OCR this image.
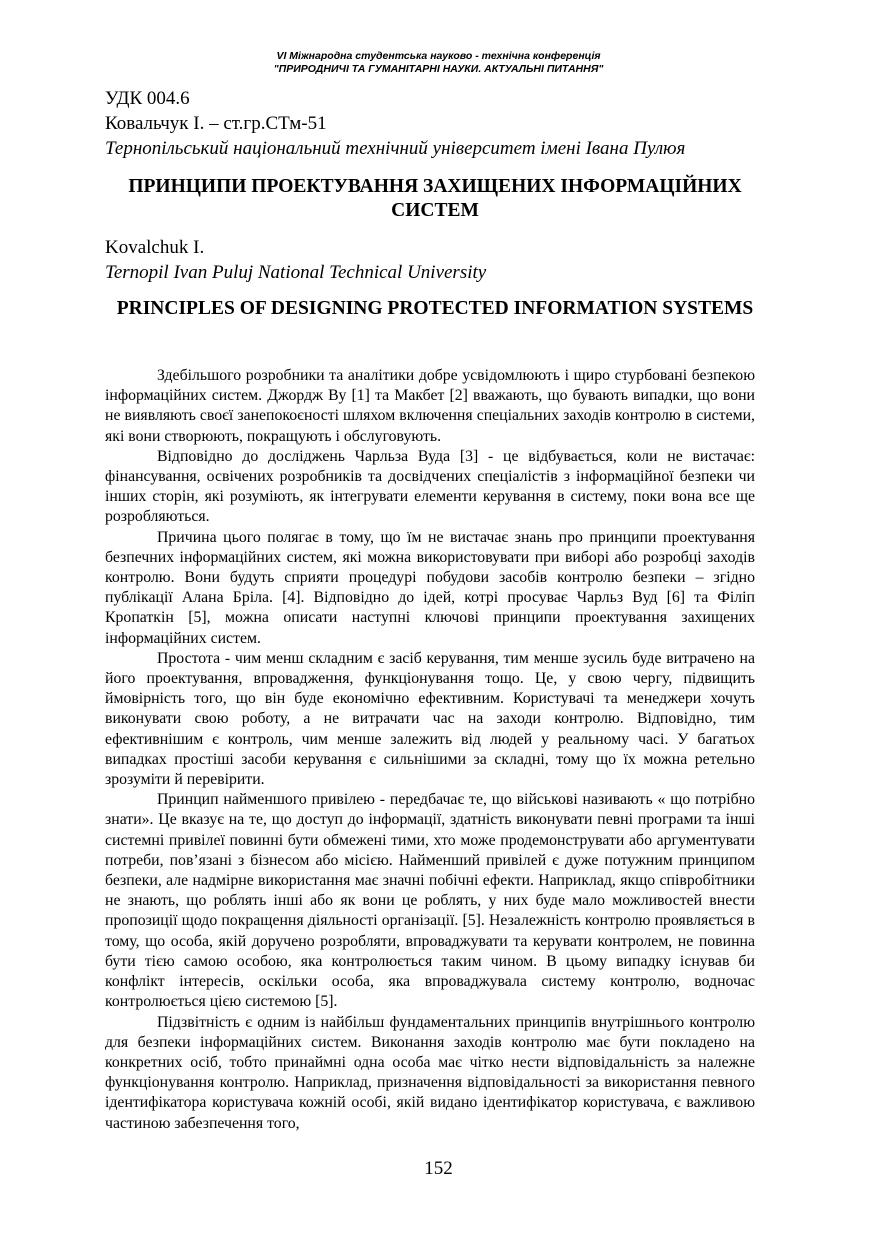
VI Міжнародна студентська науково - технічна конференція
"ПРИРОДНИЧІ ТА ГУМАНІТАРНІ НАУКИ. АКТУАЛЬНІ ПИТАННЯ"
УДК 004.6
Ковальчук І. – ст.гр.СТм-51
Тернопільський національний технічний університет імені Івана Пулюя
ПРИНЦИПИ ПРОЕКТУВАННЯ ЗАХИЩЕНИХ ІНФОРМАЦІЙНИХ СИСТЕМ
Kovalchuk I.
Ternopil Ivan Puluj National Technical University
PRINCIPLES OF DESIGNING PROTECTED INFORMATION SYSTEMS

Здебільшого розробники та аналітики добре усвідомлюють і щиро стурбовані безпекою інформаційних систем. Джордж Ву [1] та Макбет [2] вважають, що бувають випадки, що вони не виявляють своєї занепокоєності шляхом включення спеціальних заходів контролю в системи, які вони створюють, покращують і обслуговують.

Відповідно до досліджень Чарльза Вуда [3] - це відбувається, коли не вистачає: фінансування, освічених розробників та досвідчених спеціалістів з інформаційної безпеки чи інших сторін, які розуміють, як інтегрувати елементи керування в систему, поки вона все ще розробляються.

Причина цього полягає в тому, що їм не вистачає знань про принципи проектування безпечних інформаційних систем, які можна використовувати при виборі або розробці заходів контролю. Вони будуть сприяти процедурі побудови засобів контролю безпеки – згідно публікації Алана Бріла. [4]. Відповідно до ідей, котрі просуває Чарльз Вуд [6] та Філіп Кропаткін [5], можна описати наступні ключові принципи проектування захищених інформаційних систем.

Простота - чим менш складним є засіб керування, тим менше зусиль буде витрачено на його проектування, впровадження, функціонування тощо. Це, у свою чергу, підвищить ймовірність того, що він буде економічно ефективним. Користувачі та менеджери хочуть виконувати свою роботу, а не витрачати час на заходи контролю. Відповідно, тим ефективнішим є контроль, чим менше залежить від людей у реальному часі. У багатьох випадках простіші засоби керування є сильнішими за складні, тому що їх можна ретельно зрозуміти й перевірити.

Принцип найменшого привілею - передбачає те, що військові називають « що потрібно знати». Це вказує на те, що доступ до інформації, здатність виконувати певні програми та інші системні привілеї повинні бути обмежені тими, хто може продемонструвати або аргументувати потреби, пов’язані з бізнесом або місією. Найменший привілей є дуже потужним принципом безпеки, але надмірне використання має значні побічні ефекти. Наприклад, якщо співробітники не знають, що роблять інші або як вони це роблять, у них буде мало можливостей внести пропозиції щодо покращення діяльності організації. [5]. Незалежність контролю проявляється в тому, що особа, якій доручено розробляти, впроваджувати та керувати контролем, не повинна бути тією самою особою, яка контролюється таким чином. В цьому випадку існував би конфлікт інтересів, оскільки особа, яка впроваджувала систему контролю, водночас контролюється цією системою [5].

Підзвітність є одним із найбільш фундаментальних принципів внутрішнього контролю для безпеки інформаційних систем. Виконання заходів контролю має бути покладено на конкретних осіб, тобто принаймні одна особа має чітко нести відповідальність за належне функціонування контролю. Наприклад, призначення відповідальності за використання певного ідентифікатора користувача кожній особі, якій видано ідентифікатор користувача, є важливою частиною забезпечення того,

152
